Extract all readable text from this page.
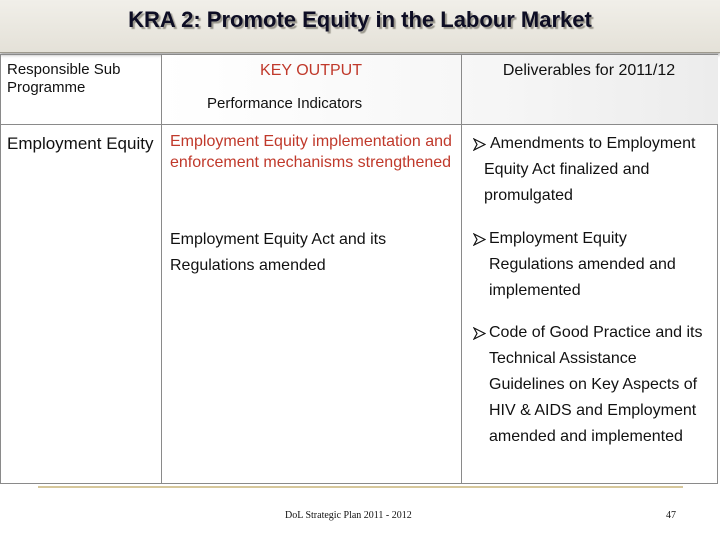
KRA 2: Promote Equity in the Labour Market
Responsible Sub Programme
KEY OUTPUT
Performance Indicators
Deliverables for 2011/12
Employment Equity Employment Equity implementation and enforcement mechanisms strengthened
Employment Equity Act and its Regulations amended
Amendments to Employment Equity Act finalized and promulgated
Employment Equity Regulations amended and implemented
Code of Good Practice and its Technical Assistance Guidelines on Key Aspects of HIV & AIDS and Employment amended and implemented
DoL Strategic Plan 2011 - 2012	47
